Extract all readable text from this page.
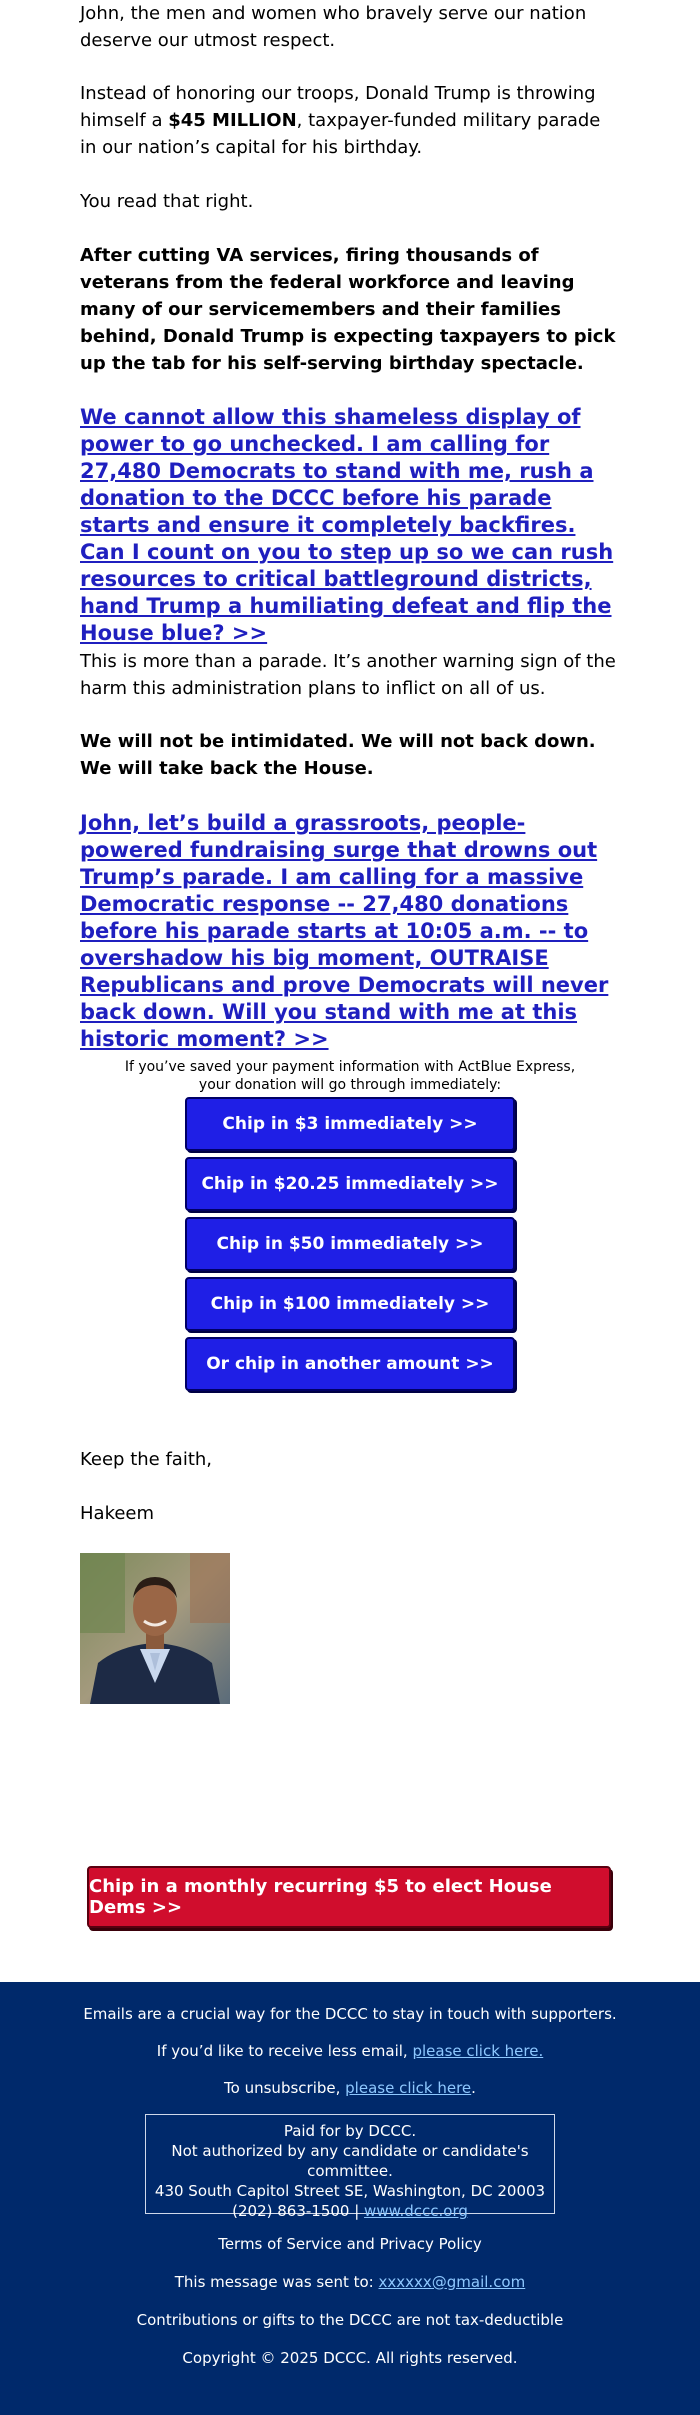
John, the men and women who bravely serve our nation deserve our utmost respect.

Instead of honoring our troops, Donald Trump is throwing himself a $45 MILLION, taxpayer-funded military parade in our nation’s capital for his birthday.

You read that right.

After cutting VA services, firing thousands of veterans from the federal workforce and leaving many of our servicemembers and their families behind, Donald Trump is expecting taxpayers to pick up the tab for his self-serving birthday spectacle.

We cannot allow this shameless display of power to go unchecked. I am calling for 27,480 Democrats to stand with me, rush a donation to the DCCC before his parade starts and ensure it completely backfires. Can I count on you to step up so we can rush resources to critical battleground districts, hand Trump a humiliating defeat and flip the House blue? >>

This is more than a parade. It’s another warning sign of the harm this administration plans to inflict on all of us.

We will not be intimidated. We will not back down. We will take back the House.

John, let’s build a grassroots, people-powered fundraising surge that drowns out Trump’s parade. I am calling for a massive Democratic response -- 27,480 donations before his parade starts at 10:05 a.m. -- to overshadow his big moment, OUTRAISE Republicans and prove Democrats will never back down. Will you stand with me at this historic moment? >>
If you’ve saved your payment information with ActBlue Express,
your donation will go through immediately:
Chip in $3 immediately >>
Chip in $20.25 immediately >>
Chip in $50 immediately >>
Chip in $100 immediately >>
Or chip in another amount >>

Keep the faith,

Hakeem

Chip in a monthly recurring $5 to elect House Dems >>
Emails are a crucial way for the DCCC to stay in touch with supporters.
If you’d like to receive less email, please click here.
To unsubscribe, please click here.
Paid for by DCCC.
Not authorized by any candidate or candidate's committee.
430 South Capitol Street SE, Washington, DC 20003
(202) 863-1500 | www.dccc.org
Terms of Service and Privacy Policy
This message was sent to: xxxxxx@gmail.com
Contributions or gifts to the DCCC are not tax-deductible
Copyright © 2025 DCCC. All rights reserved.
